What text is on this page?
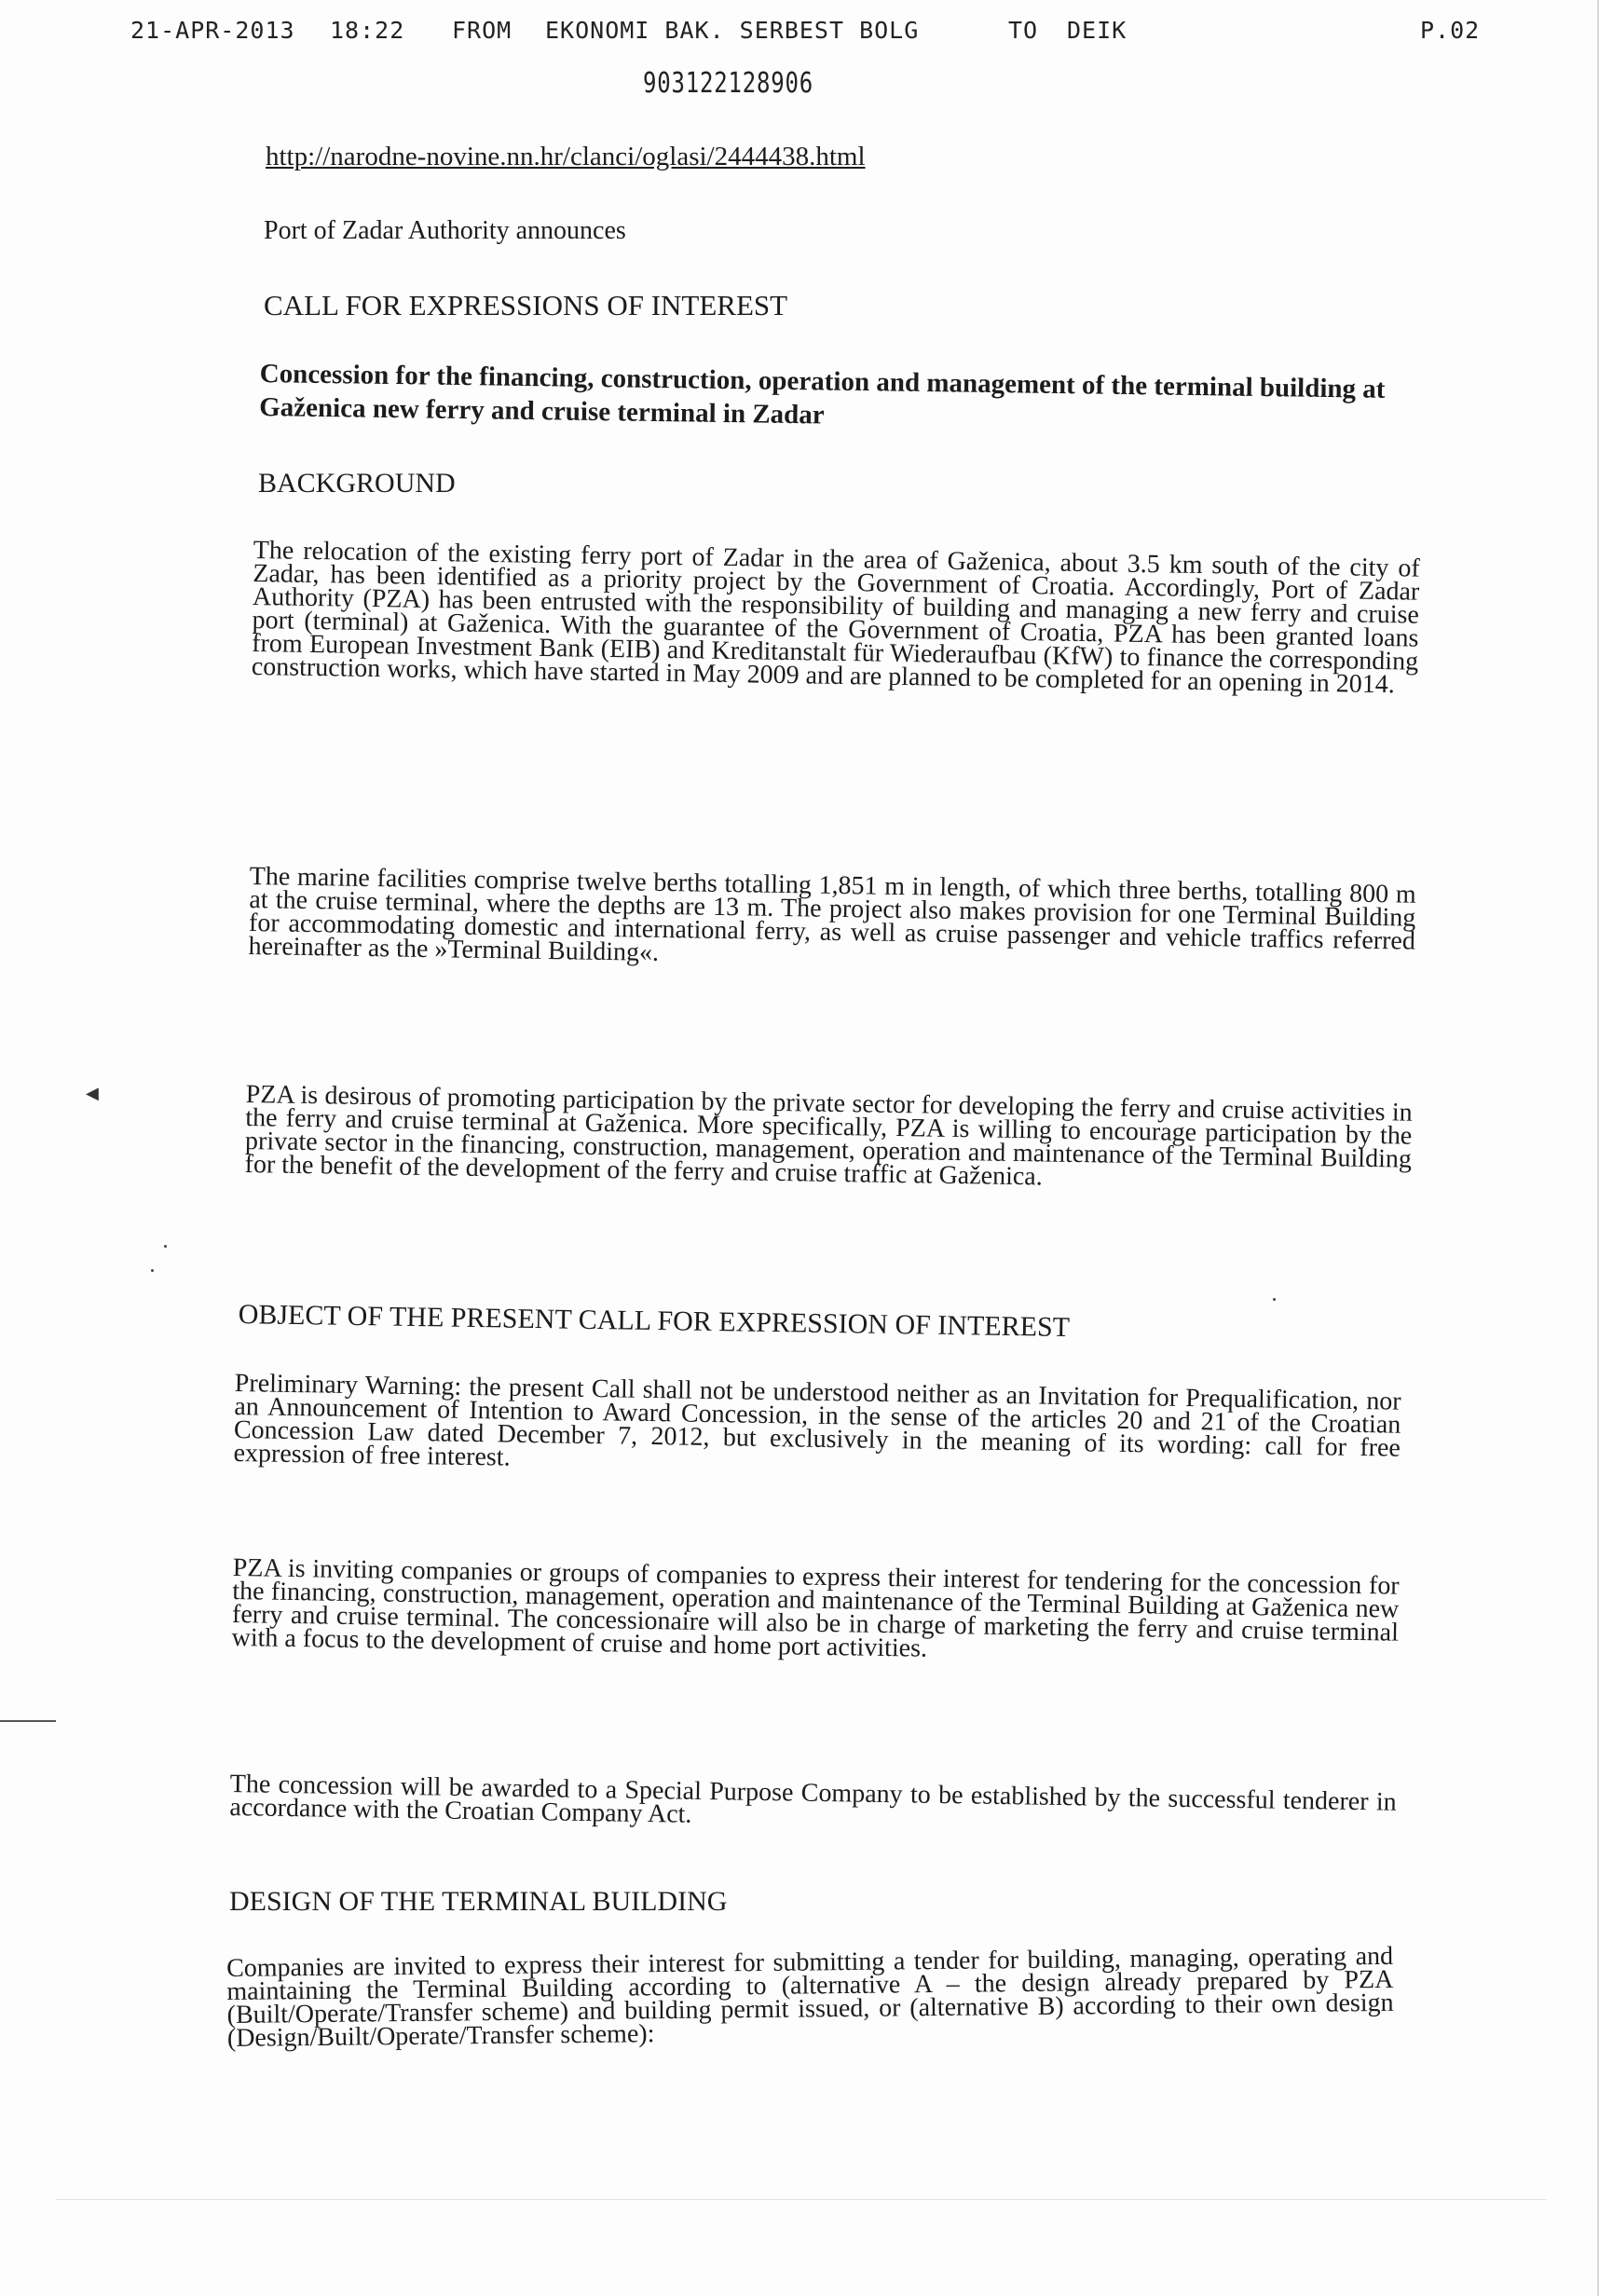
21-APR-2013 18:22 FROM EKONOMI BAK. SERBEST BOLG	TO DEIK	P.02
903122128906
http://narodne-novine.nn.hr/clanci/oglasi/2444438.html
Port of Zadar Authority announces
CALL FOR EXPRESSIONS OF INTEREST
Concession for the financing, construction, operation and management of the terminal building at Gaženica new ferry and cruise terminal in Zadar
BACKGROUND
The relocation of the existing ferry port of Zadar in the area of Gaženica, about 3.5 km south of the city of Zadar, has been identified as a priority project by the Government of Croatia. Accordingly, Port of Zadar Authority (PZA) has been entrusted with the responsibility of building and managing a new ferry and cruise port (terminal) at Gaženica. With the guarantee of the Government of Croatia, PZA has been granted loans from European Investment Bank (EIB) and Kreditanstalt für Wiederaufbau (KfW) to finance the corresponding construction works, which have started in May 2009 and are planned to be completed for an opening in 2014.
The marine facilities comprise twelve berths totalling 1,851 m in length, of which three berths, totalling 800 m at the cruise terminal, where the depths are 13 m. The project also makes provision for one Terminal Building for accommodating domestic and international ferry, as well as cruise passenger and vehicle traffics referred hereinafter as the »Terminal Building«.
PZA is desirous of promoting participation by the private sector for developing the ferry and cruise activities in the ferry and cruise terminal at Gaženica. More specifically, PZA is willing to encourage participation by the private sector in the financing, construction, management, operation and maintenance of the Terminal Building for the benefit of the development of the ferry and cruise traffic at Gaženica.
OBJECT OF THE PRESENT CALL FOR EXPRESSION OF INTEREST
Preliminary Warning: the present Call shall not be understood neither as an Invitation for Prequalification, nor an Announcement of Intention to Award Concession, in the sense of the articles 20 and 21 of the Croatian Concession Law dated December 7, 2012, but exclusively in the meaning of its wording: call for free expression of free interest.
PZA is inviting companies or groups of companies to express their interest for tendering for the concession for the financing, construction, management, operation and maintenance of the Terminal Building at Gaženica new ferry and cruise terminal. The concessionaire will also be in charge of marketing the ferry and cruise terminal with a focus to the development of cruise and home port activities.
The concession will be awarded to a Special Purpose Company to be established by the successful tenderer in accordance with the Croatian Company Act.
DESIGN OF THE TERMINAL BUILDING
Companies are invited to express their interest for submitting a tender for building, managing, operating and maintaining the Terminal Building according to (alternative A – the design already prepared by PZA (Built/Operate/Transfer scheme) and building permit issued, or (alternative B) according to their own design (Design/Built/Operate/Transfer scheme):
◀
